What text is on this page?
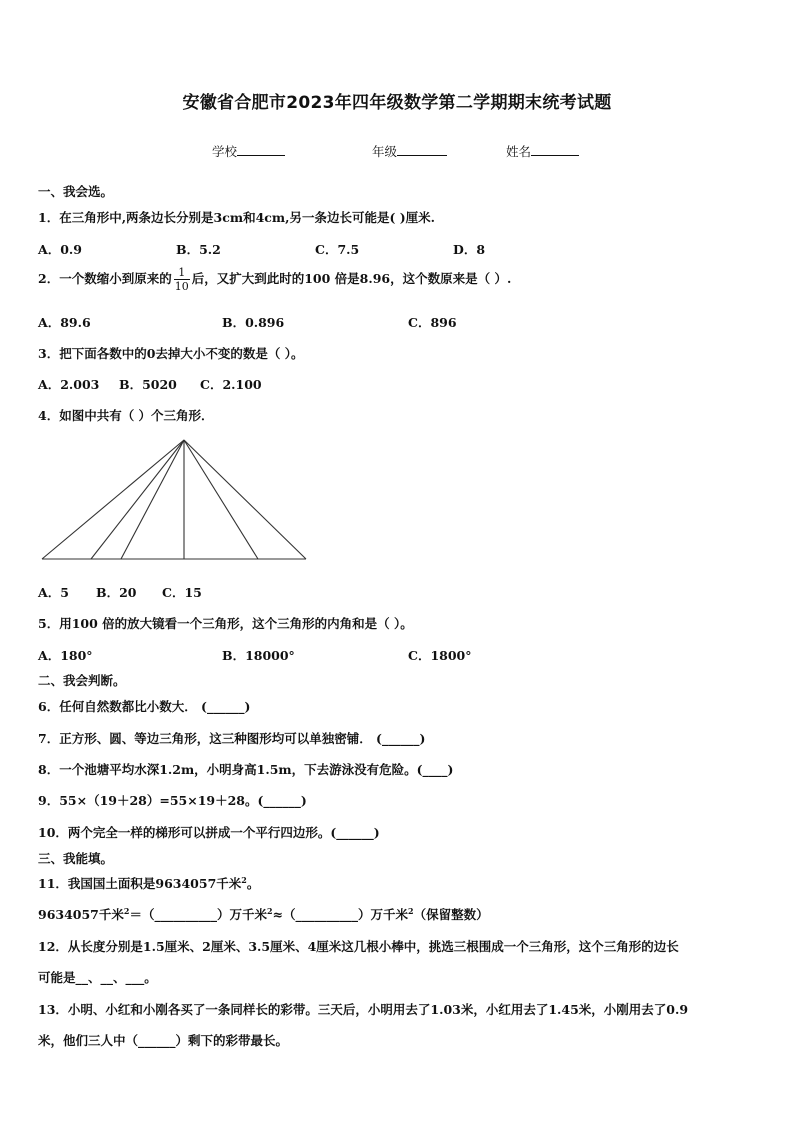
安徽省合肥市2023年四年级数学第二学期期末统考试题
学校	年级	姓名
一、我会选。
1．在三角形中,两条边长分别是3cm和4cm,另一条边长可能是( )厘米.
A．0.9	B．5.2	C．7.5	D．8
2．一个数缩小到原来的 $\frac{1}{10}$ 后，又扩大到此时的100 倍是8.96，这个数原来是（ ）.
A．89.6	B．0.896	C．896
3．把下面各数中的0去掉大小不变的数是（ ）。
A．2.003 B．5020 C．2.100
4．如图中共有（ ）个三角形．
A．5 B．20 C．15
5．用100 倍的放大镜看一个三角形，这个三角形的内角和是（ ）。
A．180°	B．18000°	C．1800°
二、我会判断。
6．任何自然数都比小数大． (______)
7．正方形、圆、等边三角形，这三种图形均可以单独密铺． (______)
8．一个池塘平均水深1.2m，小明身高1.5m，下去游泳没有危险。(____)
9．55×（19＋28）=55×19＋28。(______)
10．两个完全一样的梯形可以拼成一个平行四边形。(______)
三、我能填。
11．我国国土面积是9634057千米$^2$。
9634057千米$^2$＝（__________）万千米$^2$≈（__________）万千米$^2$（保留整数）
12．从长度分别是1.5厘米、2厘米、3.5厘米、4厘米这几根小棒中，挑选三根围成一个三角形，这个三角形的边长
可能是__、__、___。
13．小明、小红和小刚各买了一条同样长的彩带。三天后，小明用去了1.03米，小红用去了1.45米，小刚用去了0.9
米，他们三人中（______）剩下的彩带最长。
